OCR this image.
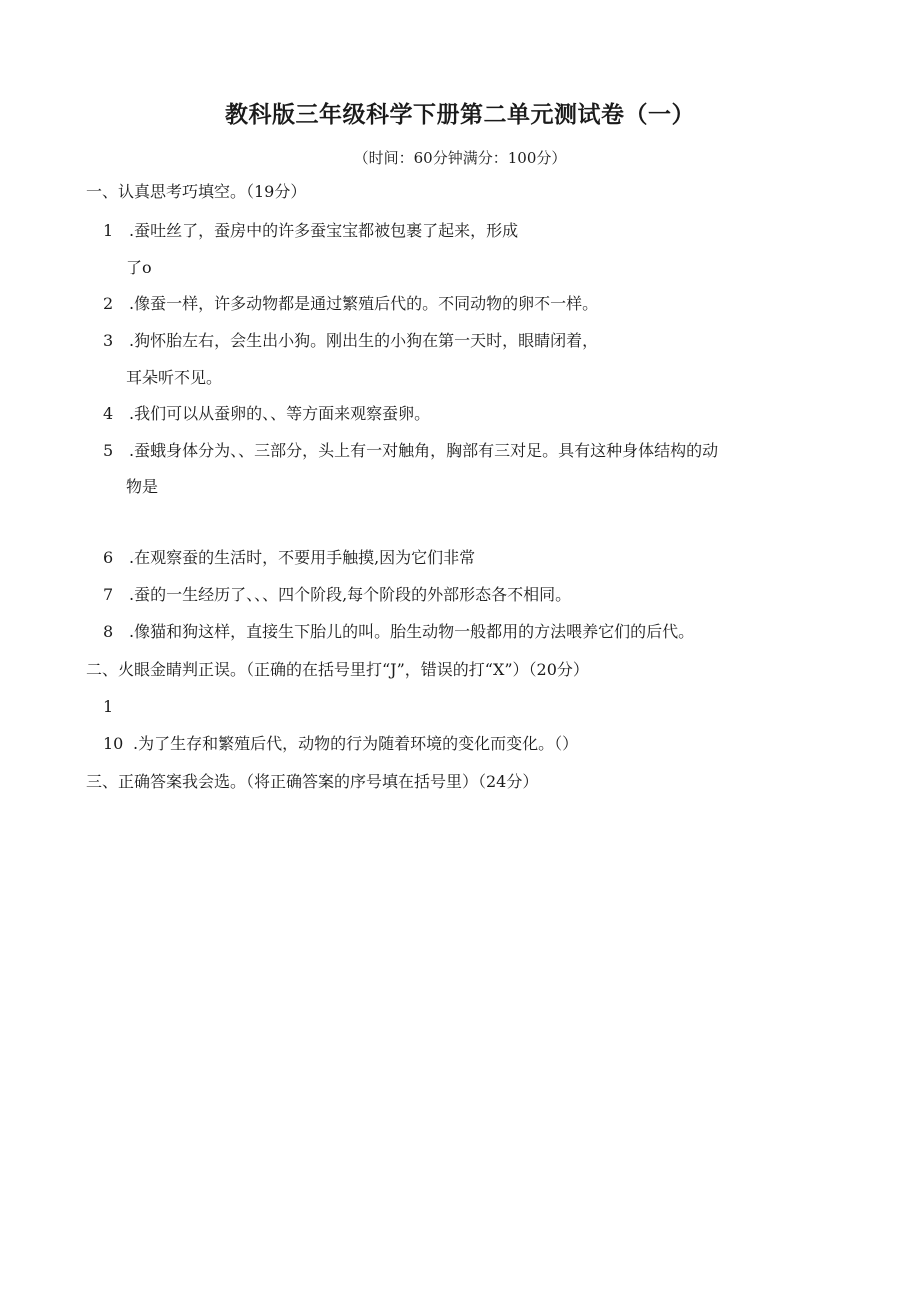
教科版三年级科学下册第二单元测试卷（一）
（时间：60分钟满分：100分）
一、认真思考巧填空。（19分）
1 .蚕吐丝了，蚕房中的许多蚕宝宝都被包裹了起来，形成
了o
2 .像蚕一样，许多动物都是通过繁殖后代的。不同动物的卵不一样。
3 .狗怀胎左右，会生出小狗。刚出生的小狗在第一天时，眼睛闭着，
耳朵听不见。
4 .我们可以从蚕卵的、、等方面来观察蚕卵。
5 .蚕蛾身体分为、、三部分，头上有一对触角，胸部有三对足。具有这种身体结构的动
物是
6 .在观察蚕的生活时，不要用手触摸,因为它们非常
7 .蚕的一生经历了、、、四个阶段,每个阶段的外部形态各不相同。
8 .像猫和狗这样，直接生下胎儿的叫。胎生动物一般都用的方法喂养它们的后代。
二、火眼金睛判正误。（正确的在括号里打“J”，错误的打“X”）（20分）
1
10 .为了生存和繁殖后代，动物的行为随着环境的变化而变化。（）
三、正确答案我会选。（将正确答案的序号填在括号里）（24分）
